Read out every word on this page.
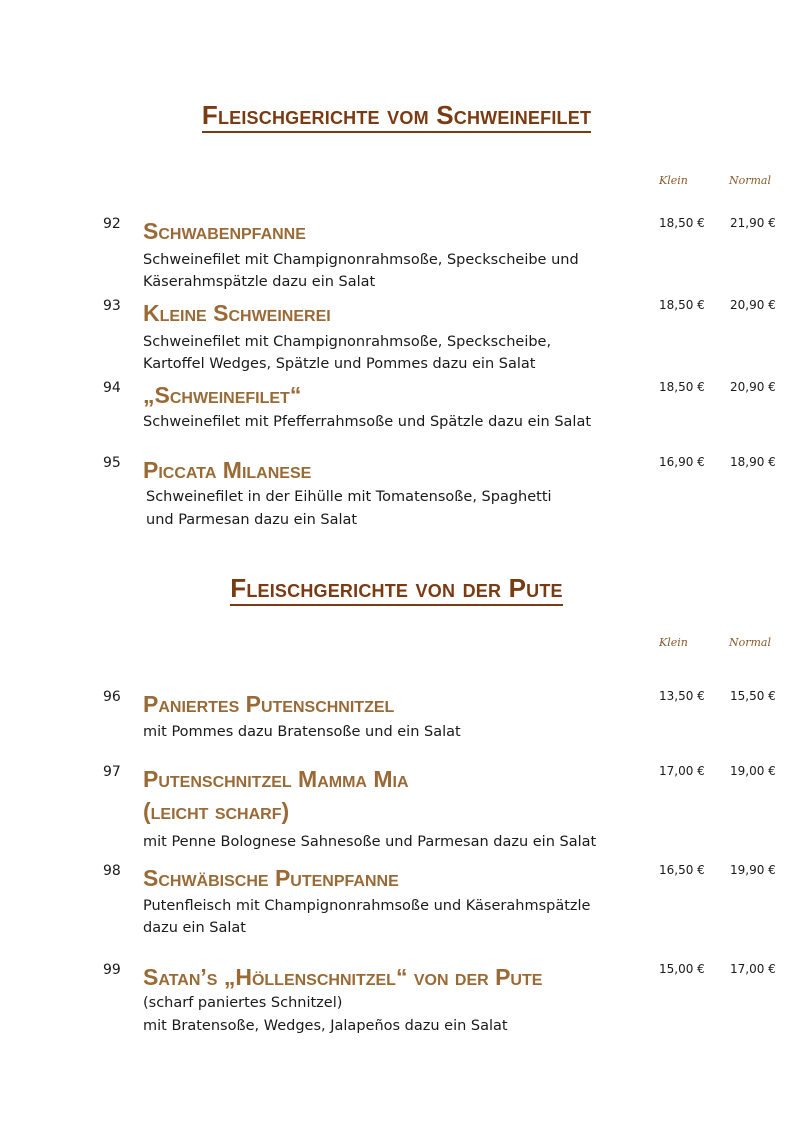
Fleischgerichte vom Schweinefilet
Klein	Normal
92 Schwabenpfanne
Schweinefilet mit Champignonrahmsoße, Speckscheibe und
Käserahmspätzle dazu ein Salat
18,50 € 21,90 €
93 Kleine Schweinerei
Schweinefilet mit Champignonrahmsoße, Speckscheibe,
Kartoffel Wedges, Spätzle und Pommes dazu ein Salat
18,50 € 20,90 €
94 „Schweinefilet“
Schweinefilet mit Pfefferrahmsoße und Spätzle dazu ein Salat
18,50 € 20,90 €
95 Piccata Milanese
Schweinefilet in der Eihülle mit Tomatensoße, Spaghetti
und Parmesan dazu ein Salat
16,90 € 18,90 €
Fleischgerichte von der Pute
Klein	Normal
96 Paniertes Putenschnitzel
mit Pommes dazu Bratensoße und ein Salat
13,50 € 15,50 €
97 Putenschnitzel Mamma Mia
(leicht scharf)
mit Penne Bolognese Sahnesoße und Parmesan dazu ein Salat
17,00 € 19,00 €
98 Schwäbische Putenpfanne
Putenfleisch mit Champignonrahmsoße und Käserahmspätzle
dazu ein Salat
16,50 € 19,90 €
99 Satan’s „Höllenschnitzel“ von der Pute
(scharf paniertes Schnitzel)
mit Bratensoße, Wedges, Jalapeños dazu ein Salat
15,00 € 17,00 €
